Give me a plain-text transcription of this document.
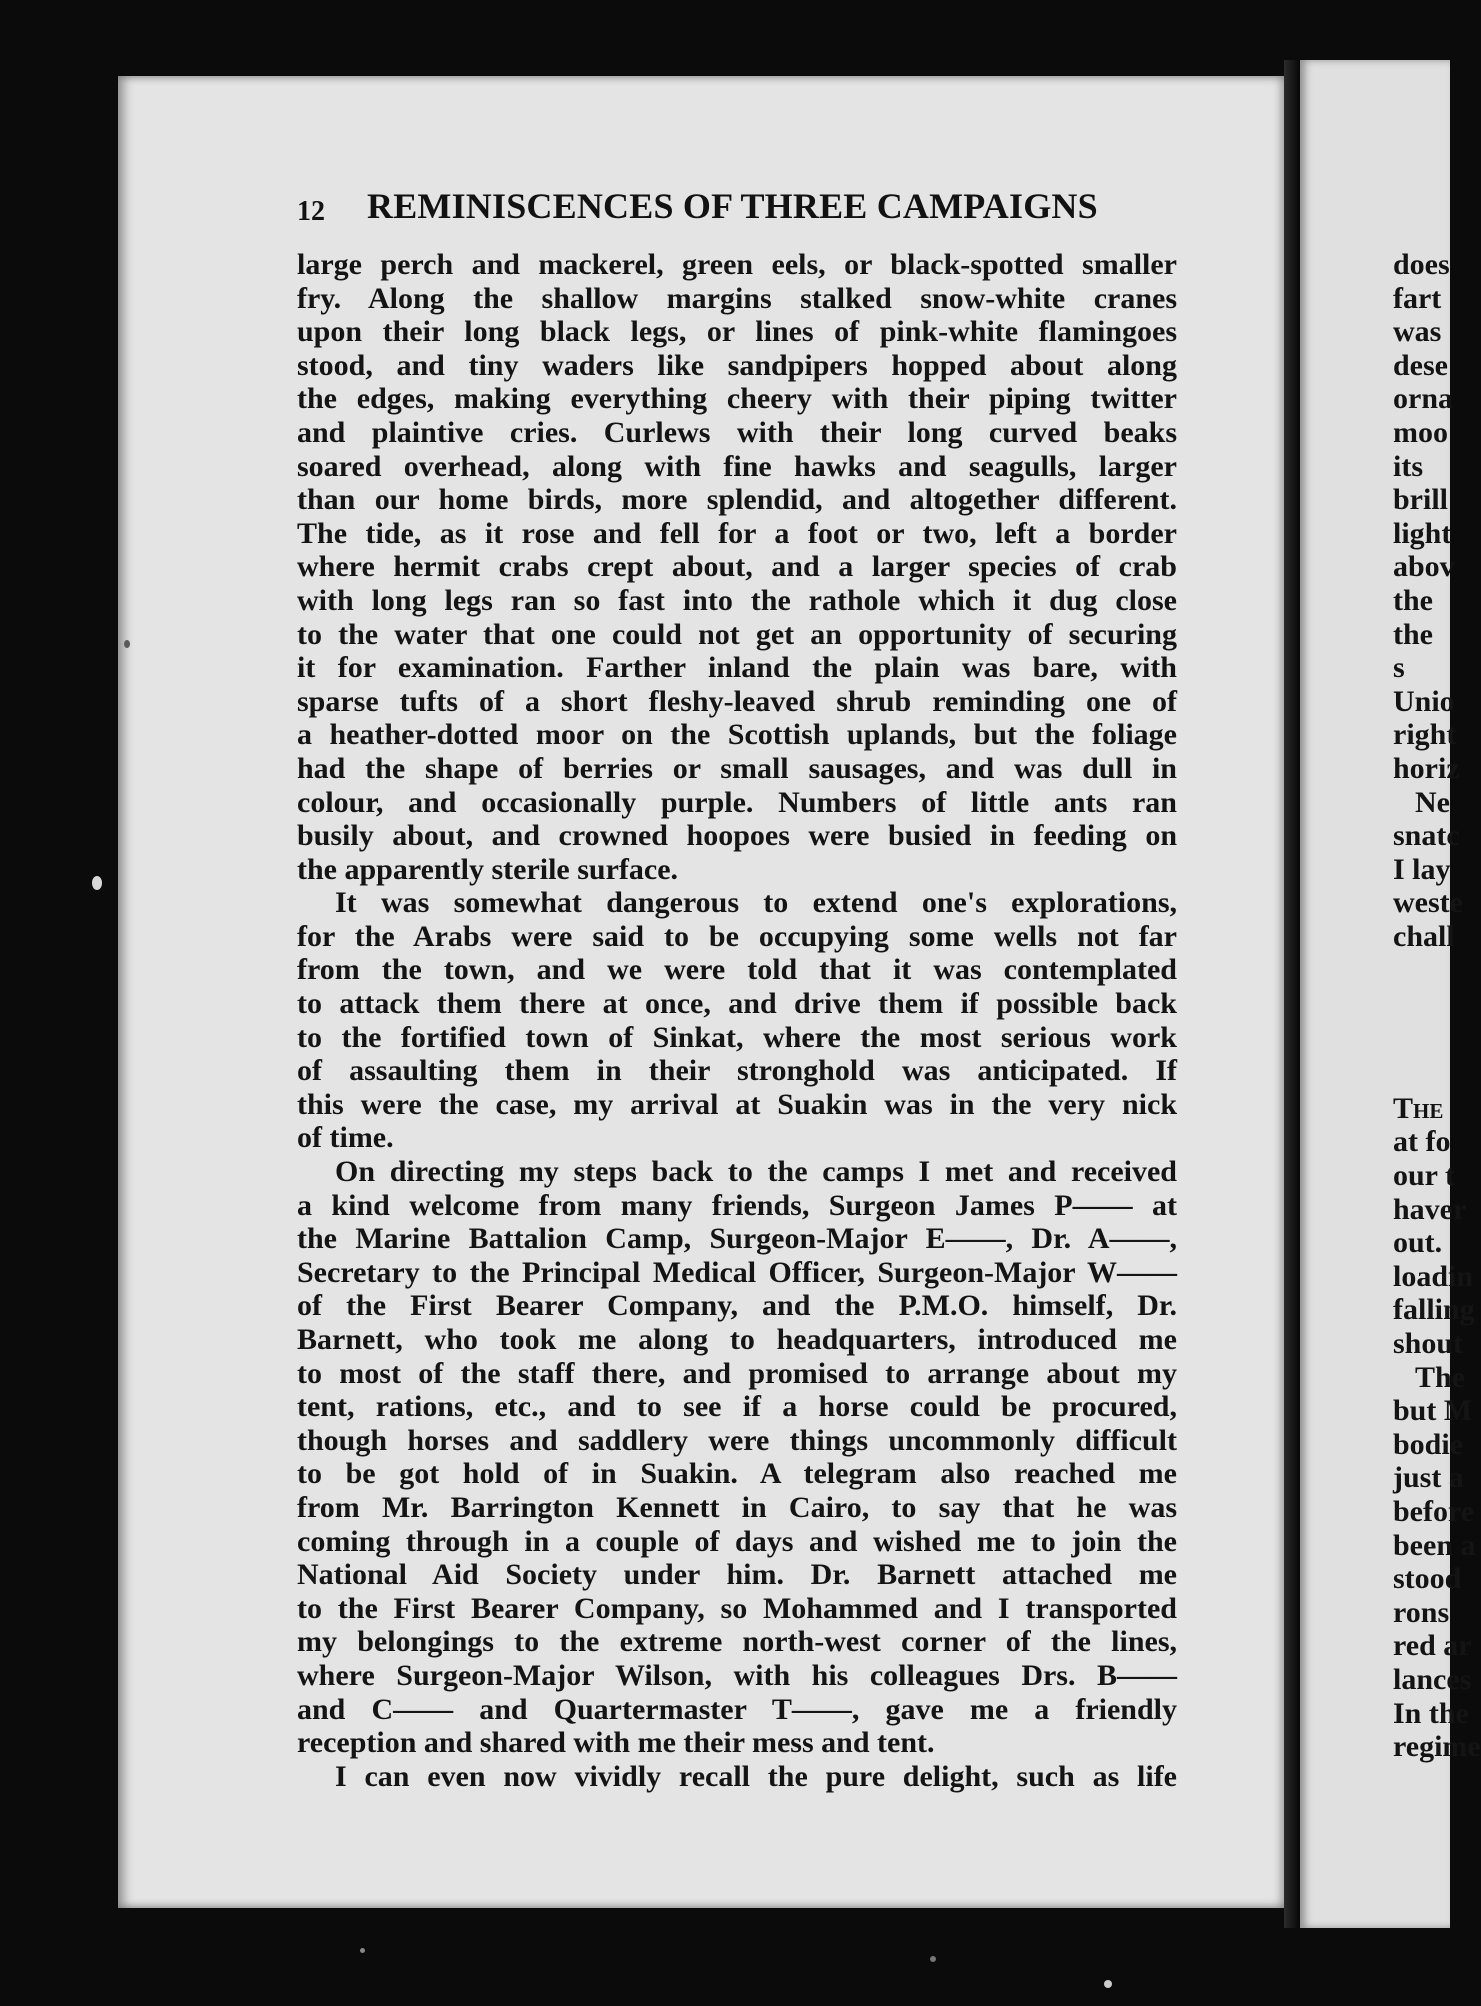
12 REMINISCENCES OF THREE CAMPAIGNS
large perch and mackerel, green eels, or black-spotted smaller
fry. Along the shallow margins stalked snow-white cranes
upon their long black legs, or lines of pink-white flamingoes
stood, and tiny waders like sandpipers hopped about along
the edges, making everything cheery with their piping twitter
and plaintive cries. Curlews with their long curved beaks
soared overhead, along with fine hawks and seagulls, larger
than our home birds, more splendid, and altogether different.
The tide, as it rose and fell for a foot or two, left a border
where hermit crabs crept about, and a larger species of crab
with long legs ran so fast into the rathole which it dug close
to the water that one could not get an opportunity of securing
it for examination. Farther inland the plain was bare, with
sparse tufts of a short fleshy-leaved shrub reminding one of
a heather-dotted moor on the Scottish uplands, but the foliage
had the shape of berries or small sausages, and was dull in
colour, and occasionally purple. Numbers of little ants ran
busily about, and crowned hoopoes were busied in feeding on
the apparently sterile surface.
It was somewhat dangerous to extend one's explorations,
for the Arabs were said to be occupying some wells not far
from the town, and we were told that it was contemplated
to attack them there at once, and drive them if possible back
to the fortified town of Sinkat, where the most serious work
of assaulting them in their stronghold was anticipated. If
this were the case, my arrival at Suakin was in the very nick
of time.
On directing my steps back to the camps I met and received
a kind welcome from many friends, Surgeon James P—— at
the Marine Battalion Camp, Surgeon-Major E——, Dr. A——,
Secretary to the Principal Medical Officer, Surgeon-Major W——
of the First Bearer Company, and the P.M.O. himself, Dr.
Barnett, who took me along to headquarters, introduced me
to most of the staff there, and promised to arrange about my
tent, rations, etc., and to see if a horse could be procured,
though horses and saddlery were things uncommonly difficult
to be got hold of in Suakin. A telegram also reached me
from Mr. Barrington Kennett in Cairo, to say that he was
coming through in a couple of days and wished me to join the
National Aid Society under him. Dr. Barnett attached me
to the First Bearer Company, so Mohammed and I transported
my belongings to the extreme north-west corner of the lines,
where Surgeon-Major Wilson, with his colleagues Drs. B——
and C—— and Quartermaster T——, gave me a friendly
reception and shared with me their mess and tent.
I can even now vividly recall the pure delight, such as life
does
fart
was
dese
orna
moo
its
brill
light
abov
the
the
s
Unio
right
horiz
Ne
snatc
I lay
weste
chall
The
at fo
our t
haver
out.
loadin
falling
shout
The
but M
bodie
just a
before
been a
stood
rons
red ar
lances
In the
regime
